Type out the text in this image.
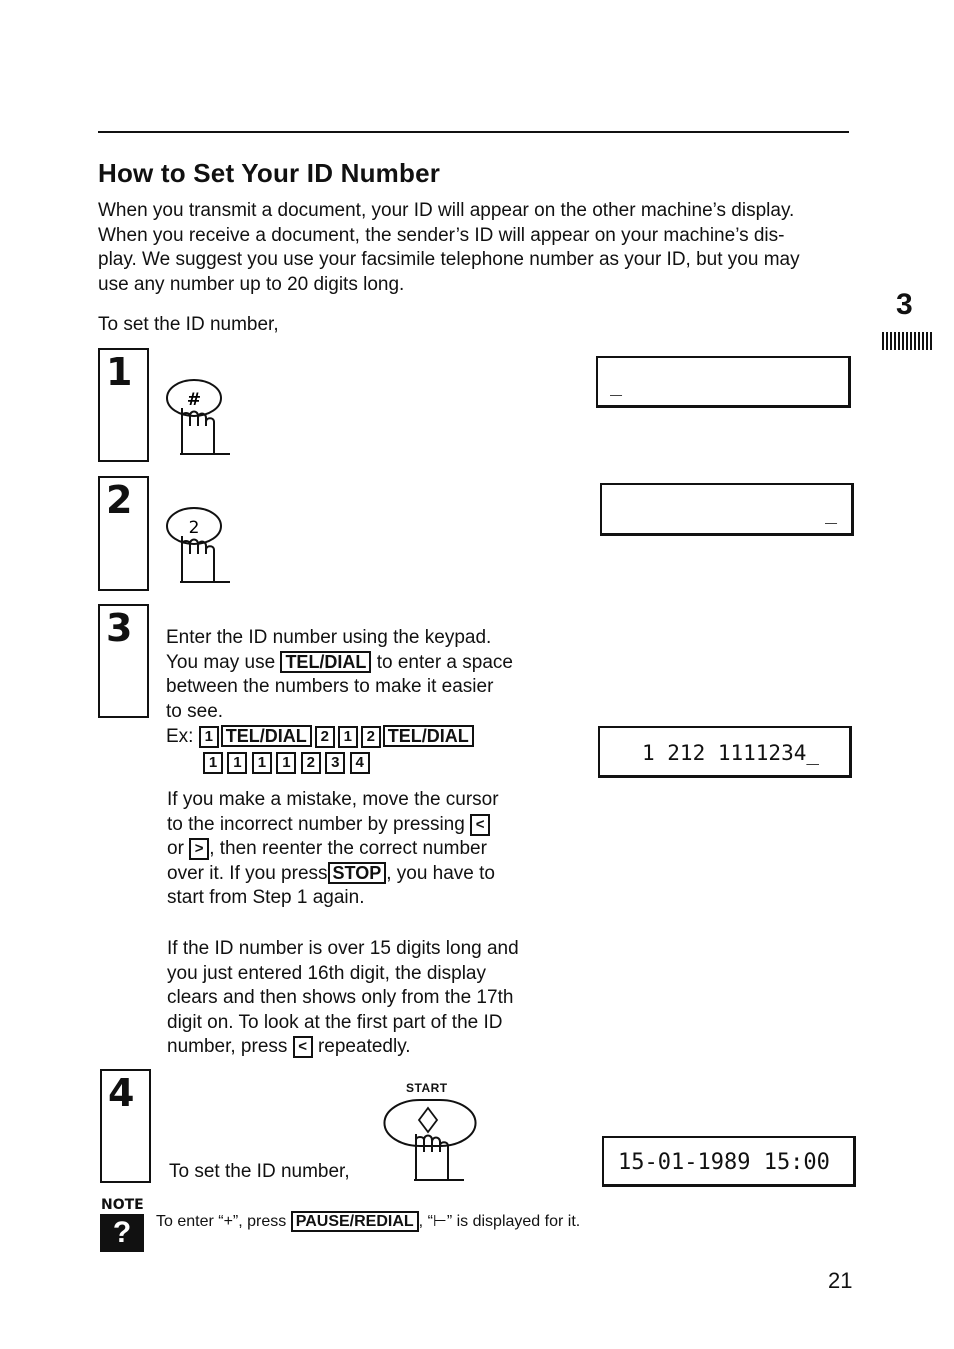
How to Set Your ID Number
When you transmit a document, your ID will appear on the other machine’s display.
When you receive a document, the sender’s ID will appear on your machine’s dis-
play. We suggest you use your facsimile telephone number as your ID, but you may
use any number up to 20 digits long.
To set the ID number,
3
1
#
_
2
2
_
3 Enter the ID number using the keypad.
You may use TEL/DIAL to enter a space
between the numbers to make it easier
to see.
Ex: 1 TEL/DIAL 2 1 2 TEL/DIAL
1 1 1 1 2 3 4	1 212 1111234_
If you make a mistake, move the cursor
to the incorrect number by pressing <
or > , then reenter the correct number
over it. If you press STOP , you have to
start from Step 1 again.
If the ID number is over 15 digits long and
you just entered 16th digit, the display
clears and then shows only from the 17th
digit on. To look at the first part of the ID
number, press < repeatedly.
4	START
To set the ID number,	15-01-1989 15:00
NOTE
?	To enter “+”, press PAUSE/REDIAL , “⊢” is displayed for it.
21
